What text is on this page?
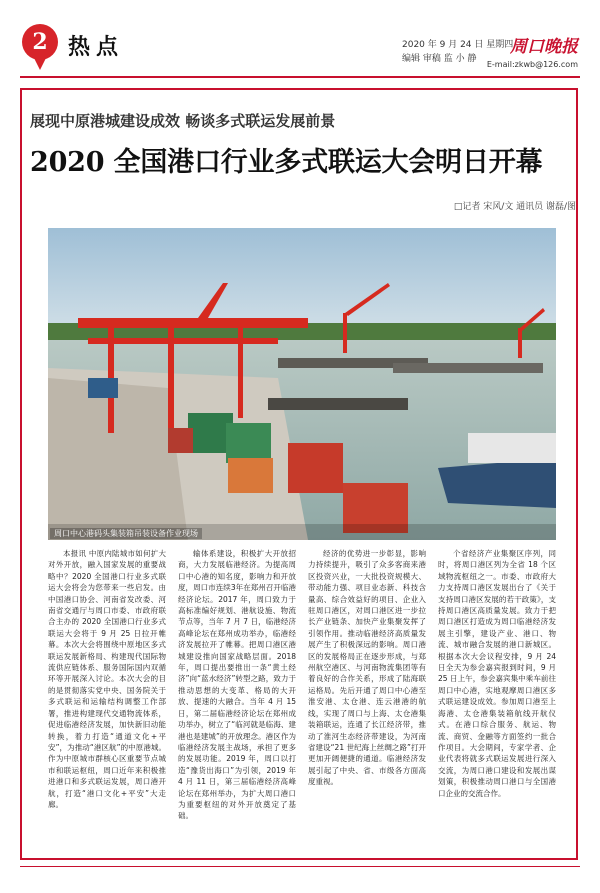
2 热点	2020 年 9 月 24 日 星期四
编辑 审稿 监 小 静
周口晚报
E-mail:zkwb@126.com
展现中原港城建设成效 畅谈多式联运发展前景
2020 全国港口行业多式联运大会明日开幕
□记者 宋风/文 通讯员 谢磊/图
周口中心港码头集装箱吊装设备作业现场

本报讯 中原内陆城市如何扩大对外开放，融入国家发展的重要战略中？2020 全国港口行业多式联运大会将会为您带来一些启发。由中国港口协会、河南省发改委、河南省交通厅与周口市委、市政府联合主办的 2020 全国港口行业多式联运大会将于 9 月 25 日拉开帷幕。本次大会将围绕中原地区多式联运发展新格局、构建现代国际物流供应链体系、服务国际国内双循环等开展深入讨论。本次大会的目的是贯彻落实党中央、国务院关于多式联运和运输结构调整工作部署，推进构建现代交通物流体系，促进临港经济发展，加快新旧动能转换，着力打造“通道文化+平安”，为推动“港区航”的中原港城。作为中原城市群核心区重要节点城市和联运枢纽，周口近年来积极推进港口和多式联运发展，周口港开航，打造“港口文化+平安”大走廊。

输体系建设，积极扩大开放招商，大力发展临港经济。为提高周口中心港的知名度，影响力和开放度，周口市连续3年在郑州召开临港经济论坛。2017 年，周口致力于高标准编好规划、港航设施、物流节点等，当年 7 月 7 日，临港经济高峰论坛在郑州成功举办，临港经济发展拉开了帷幕。把周口港区港城建设推向国家战略层面。2018 年，周口提出要推出一条“黄土经济”向“蓝水经济”转型之路，致力于推动思想的大变革、格局的大开放、提速的大融合。当年 4 月 15 日，第二届临港经济论坛在郑州成功举办，树立了“临河就是临海、建港也是建城”的开放理念。港区作为临港经济发展主战场，承担了更多的发展功能。2019 年，周口以打造“豫货出海口”为引领，2019 年 4 月 11 日，第三届临港经济高峰论坛在郑州举办，为扩大周口港口为重要枢纽的对外开放奠定了基础。

经济的优势进一步彰显，影响力持续提升，吸引了众多客商来港区投资兴业，一大批投资规模大、带动能力强、项目业态新、科技含量高、综合效益好的项目、企业入驻周口港区，对周口港区进一步拉长产业链条、加快产业集聚发挥了引领作用。推动临港经济高质量发展产生了积极深远的影响。周口港区的发展格局正在逐步形成，与郑州航空港区、与河南物流集团等有着良好的合作关系，形成了陆海联运格局。先后开通了周口中心港至淮安港、太仓港、连云港港的航线，实现了周口与上海、太仓港集装箱联运，连通了长江经济带，推动了淮河生态经济带建设，为河南省建设“21 世纪海上丝绸之路”打开更加开阔便捷的通道。临港经济发展引起了中央、省、市级各方面高度重视。

个省经济产业集聚区序列，同时，将周口港区列为全省 18 个区域物流枢纽之一。市委、市政府大力支持周口港区发展出台了《关于支持周口港区发展的若干政策》，支持周口港区高质量发展。致力于把周口港区打造成为周口临港经济发展主引擎，建设产业、港口、物流、城市融合发展的港口新城区。根据本次大会议程安排，9 月 24 日全天为参会嘉宾报到时间，9 月 25 日上午，参会嘉宾集中乘车前往周口中心港，实地观摩周口港区多式联运建设成效。参加周口港至上海港、太仓港集装箱航线开航仪式。在港口综合服务、航运、物流、商贸、金融等方面签约一批合作项目。大会期间，专家学者、企业代表将就多式联运发展进行深入交流，为周口港口建设和发展出谋划策，积极推动周口港口与全国港口企业的交流合作。
